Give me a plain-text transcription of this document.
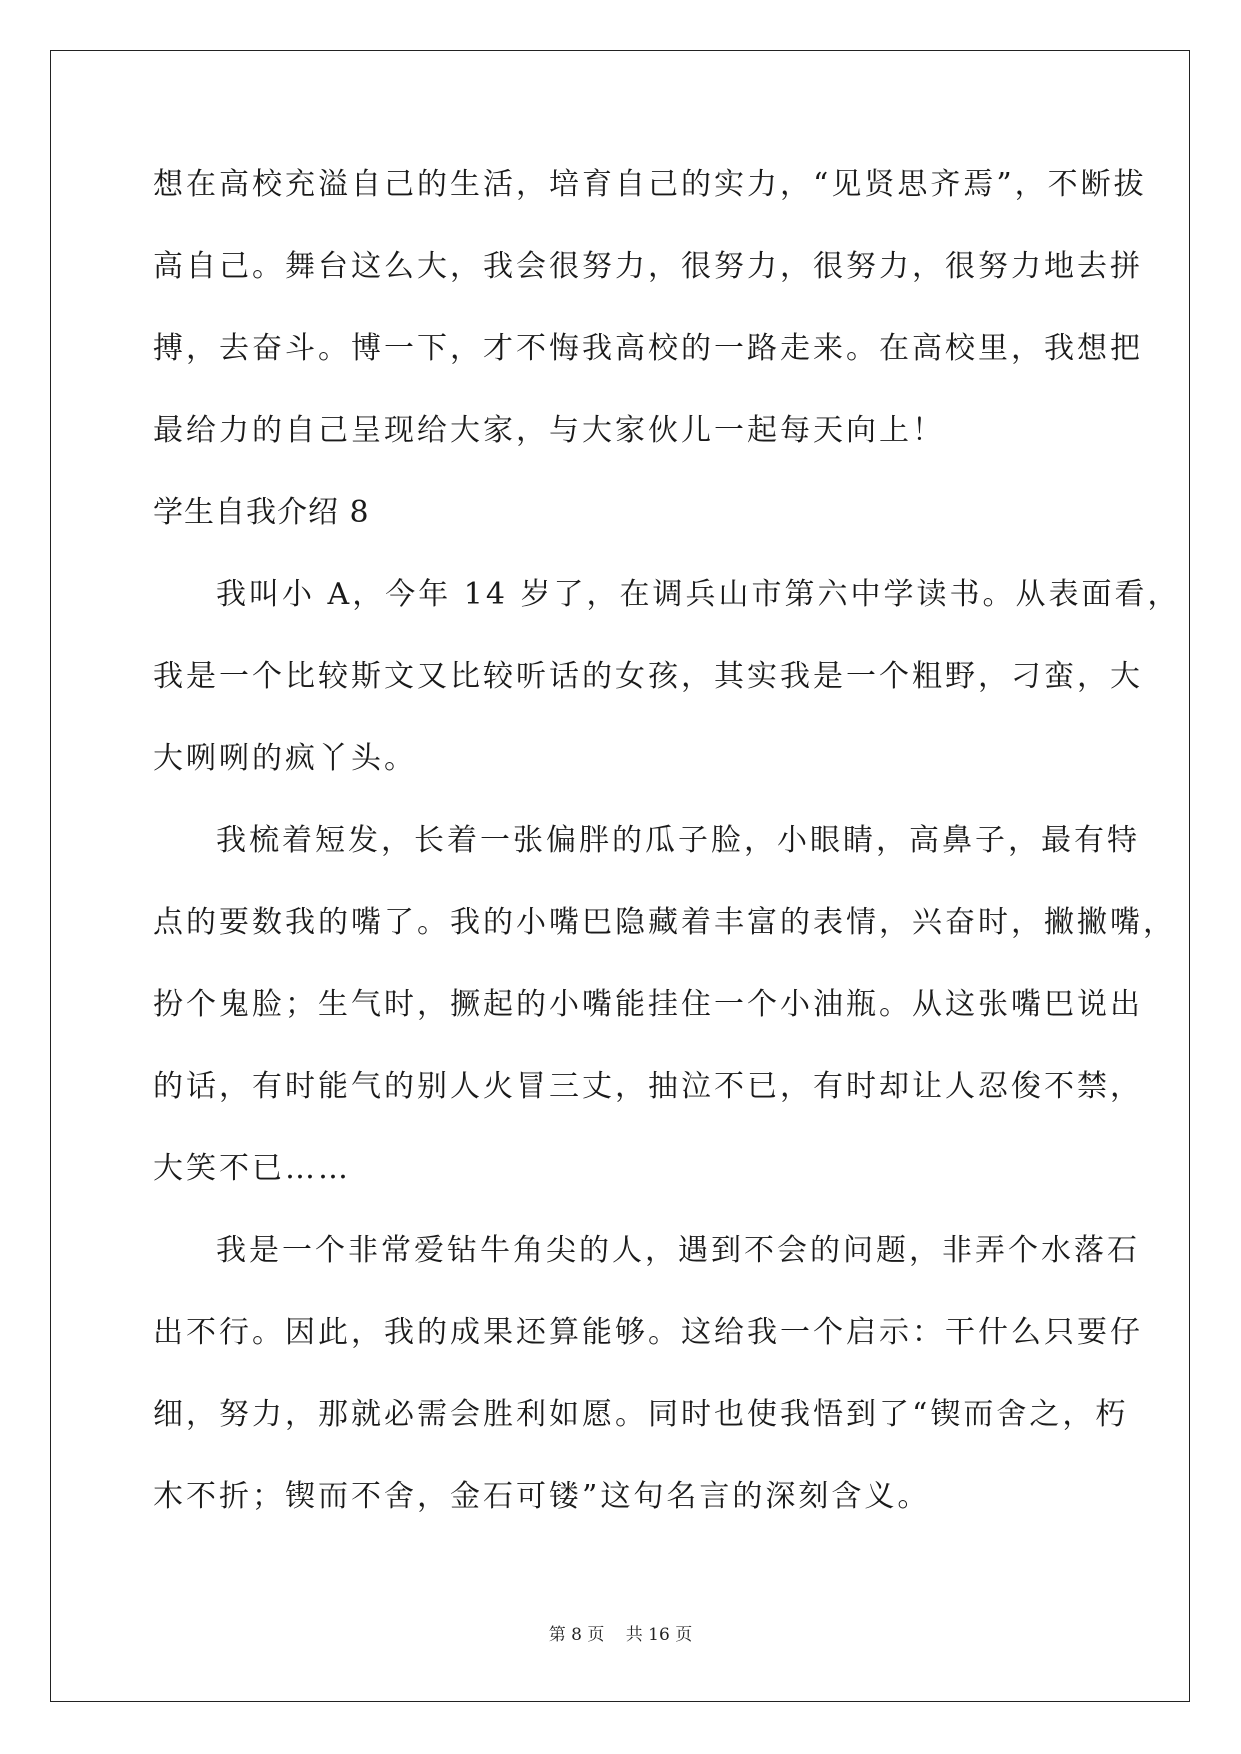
想在高校充溢自己的生活，培育自己的实力，“见贤思齐焉”，不断拔
高自己。舞台这么大，我会很努力，很努力，很努力，很努力地去拼
搏，去奋斗。博一下，才不悔我高校的一路走来。在高校里，我想把
最给力的自己呈现给大家，与大家伙儿一起每天向上！
学生自我介绍 8
我叫小 A，今年 14 岁了，在调兵山市第六中学读书。从表面看，
我是一个比较斯文又比较听话的女孩，其实我是一个粗野，刁蛮，大
大咧咧的疯丫头。
我梳着短发，长着一张偏胖的瓜子脸，小眼睛，高鼻子，最有特
点的要数我的嘴了。我的小嘴巴隐藏着丰富的表情，兴奋时，撇撇嘴，
扮个鬼脸；生气时，撅起的小嘴能挂住一个小油瓶。从这张嘴巴说出
的话，有时能气的别人火冒三丈，抽泣不已，有时却让人忍俊不禁，
大笑不已……
我是一个非常爱钻牛角尖的人，遇到不会的问题，非弄个水落石
出不行。因此，我的成果还算能够。这给我一个启示：干什么只要仔
细，努力，那就必需会胜利如愿。同时也使我悟到了“锲而舍之，朽
木不折；锲而不舍，金石可镂”这句名言的深刻含义。
第 8 页 共 16 页
